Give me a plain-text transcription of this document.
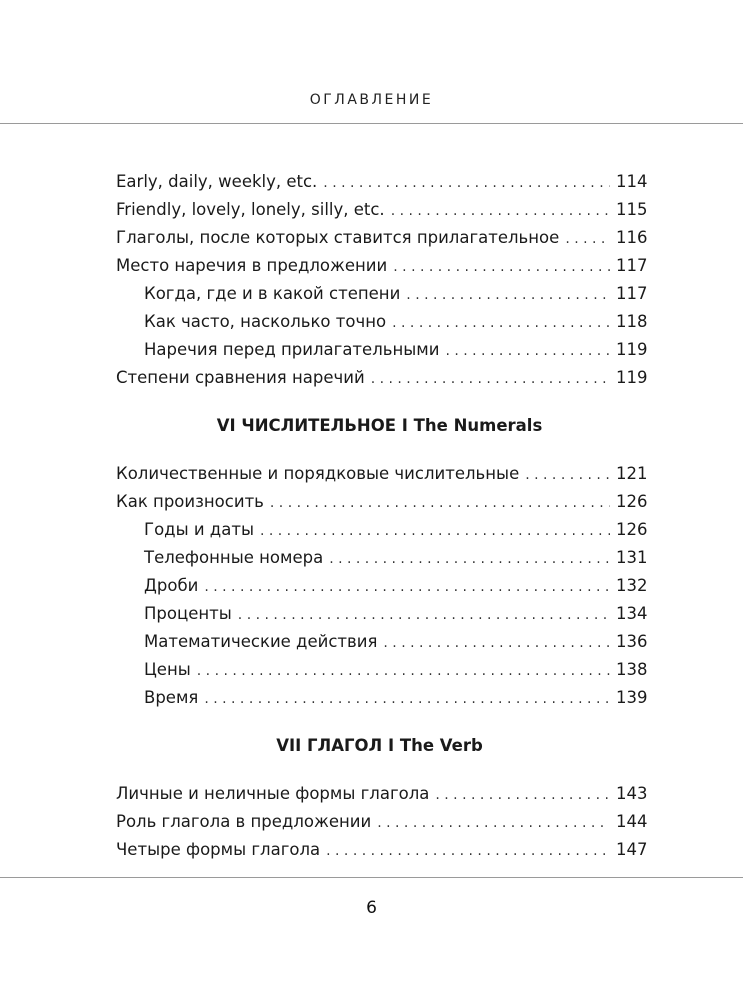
ОГЛАВЛЕНИЕ
Early, daily, weekly, etc. . . .	114
Friendly, lovely, lonely, silly, etc. . . .	115
Глаголы, после которых ставится прилагательное . . .	116
Место наречия в предложении . . .	117
Когда, где и в какой степени . . .	117
Как часто, насколько точно . . .	118
Наречия перед прилагательными . . .	119
Степени сравнения наречий . . .	119
VI ЧИСЛИТЕЛЬНОЕ I The Numerals
Количественные и порядковые числительные . . .	121
Как произносить . . .	126
Годы и даты . . .	126
Телефонные номера . . .	131
Дроби . . .	132
Проценты . . .	134
Математические действия . . .	136
Цены . . .	138
Время . . .	139
VII ГЛАГОЛ I The Verb
Личные и неличные формы глагола . . .	143
Роль глагола в предложении . . .	144
Четыре формы глагола . . .	147
6
